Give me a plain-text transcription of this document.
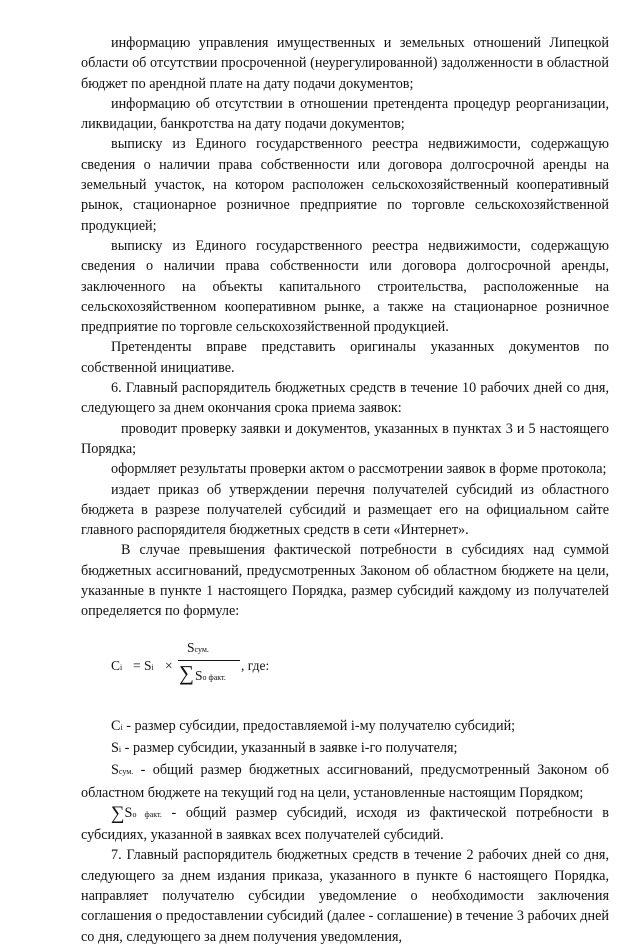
информацию управления имущественных и земельных отношений Липецкой области об отсутствии просроченной (неурегулированной) задолженности в областной бюджет по арендной плате на дату подачи документов;

информацию об отсутствии в отношении претендента процедур реорганизации, ликвидации, банкротства на дату подачи документов;

выписку из Единого государственного реестра недвижимости, содержащую сведения о наличии права собственности или договора долгосрочной аренды на земельный участок, на котором расположен сельскохозяйственный кооперативный рынок, стационарное розничное предприятие по торговле сельскохозяйственной продукцией;

выписку из Единого государственного реестра недвижимости, содержащую сведения о наличии права собственности или договора долгосрочной аренды, заключенного на объекты капитального строительства, расположенные на сельскохозяйственном кооперативном рынке, а также на стационарное розничное предприятие по торговле сельскохозяйственной продукцией.

Претенденты вправе представить оригиналы указанных документов по собственной инициативе.

6. Главный распорядитель бюджетных средств в течение 10 рабочих дней со дня, следующего за днем окончания срока приема заявок:

проводит проверку заявки и документов, указанных в пунктах 3 и 5 настоящего Порядка;

оформляет результаты проверки актом о рассмотрении заявок в форме протокола;

издает приказ об утверждении перечня получателей субсидий из областного бюджета в разрезе получателей субсидий и размещает его на официальном сайте главного распорядителя бюджетных средств в сети «Интернет».

В случае превышения фактической потребности в субсидиях над суммой бюджетных ассигнований, предусмотренных Законом об областном бюджете на цели, указанные в пункте 1 настоящего Порядка, размер субсидий каждому из получателей определяется по формуле:

Ci = Si ×
Sсум.
∑ Sо факт.
, где:

Ci - размер субсидии, предоставляемой i-му получателю субсидий;

Si - размер субсидии, указанный в заявке i-го получателя;

Sсум. - общий размер бюджетных ассигнований, предусмотренный Законом об областном бюджете на текущий год на цели, установленные настоящим Порядком;

∑Sо факт. - общий размер субсидий, исходя из фактической потребности в субсидиях, указанной в заявках всех получателей субсидий.

7. Главный распорядитель бюджетных средств в течение 2 рабочих дней со дня, следующего за днем издания приказа, указанного в пункте 6 настоящего Порядка, направляет получателю субсидии уведомление о необходимости заключения соглашения о предоставлении субсидий (далее - соглашение) в течение 3 рабочих дней со дня, следующего за днем получения уведомления,
